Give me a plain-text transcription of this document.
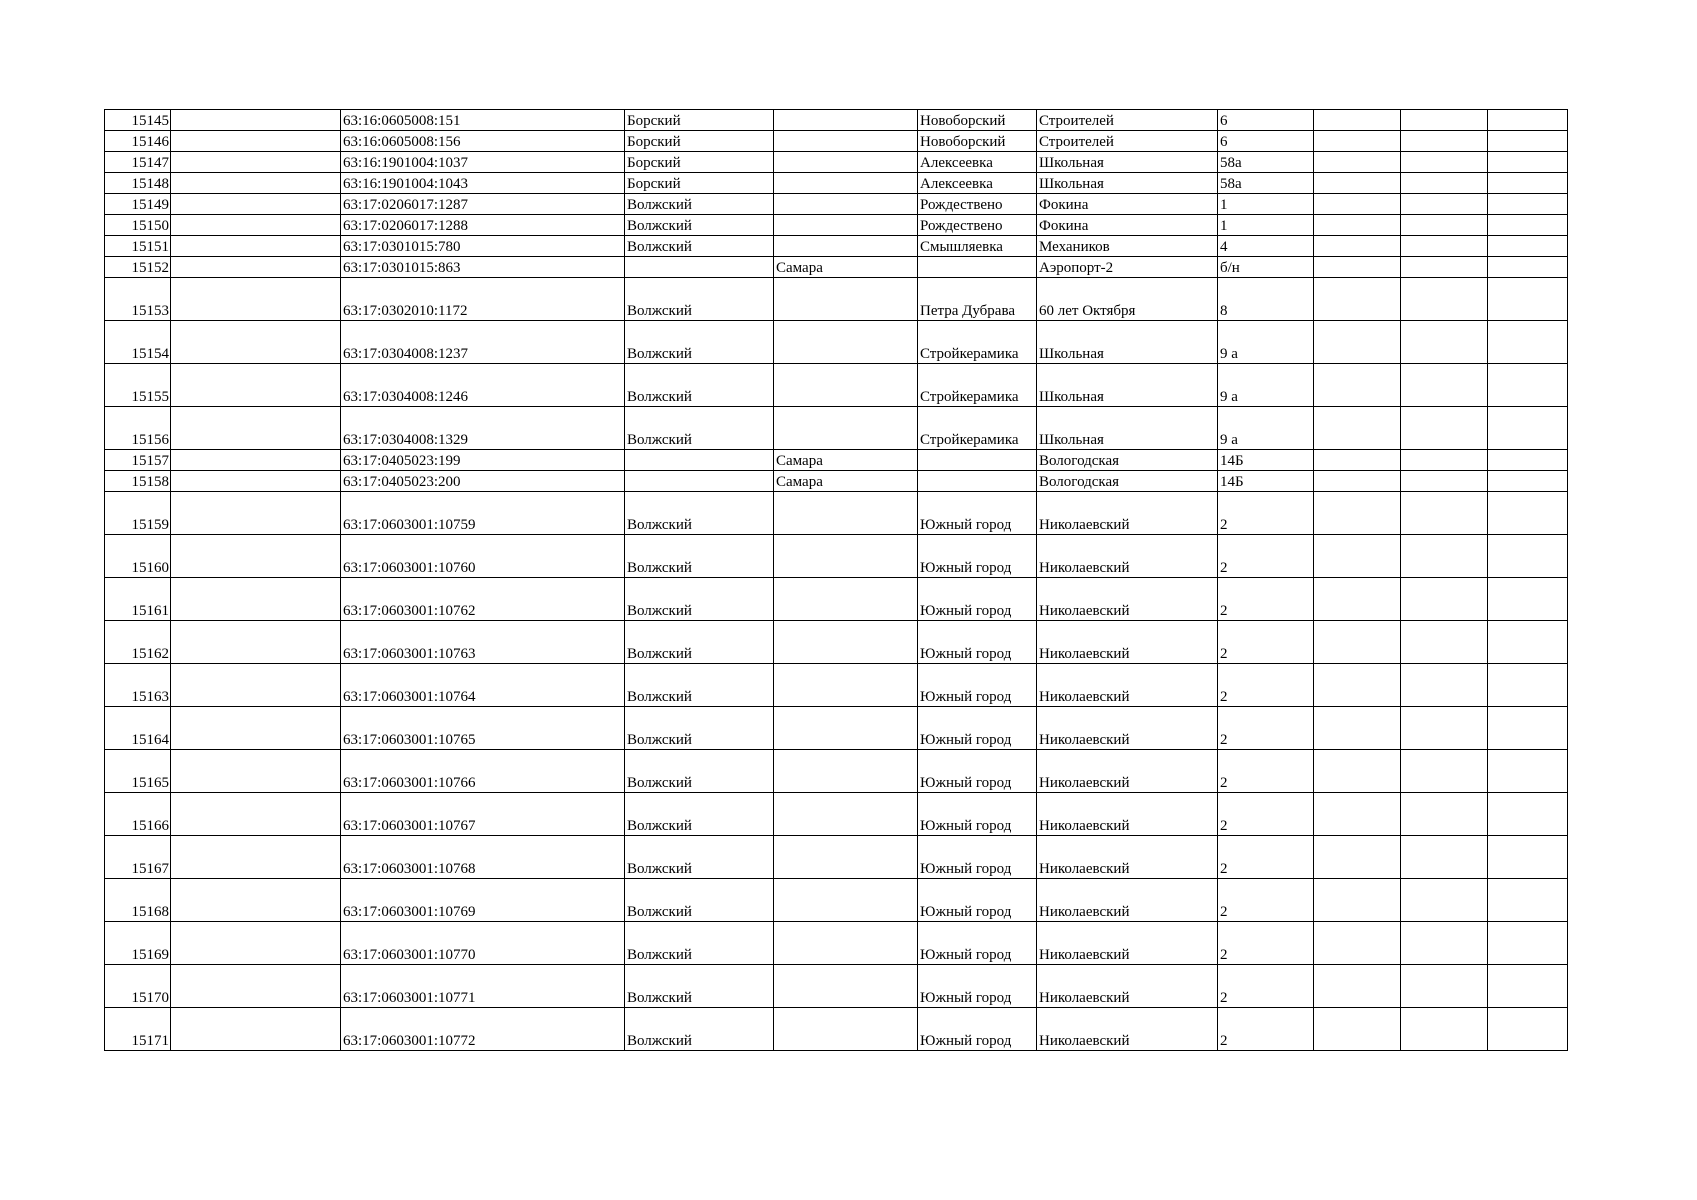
15145		63:16:0605008:151	Борский		Новоборский	Строителей	6			
15146		63:16:0605008:156	Борский		Новоборский	Строителей	6			
15147		63:16:1901004:1037	Борский		Алексеевка	Школьная	58а			
15148		63:16:1901004:1043	Борский		Алексеевка	Школьная	58а			
15149		63:17:0206017:1287	Волжский		Рождествено	Фокина	1			
15150		63:17:0206017:1288	Волжский		Рождествено	Фокина	1			
15151		63:17:0301015:780	Волжский		Смышляевка	Механиков	4			
15152		63:17:0301015:863		Самара		Аэропорт-2	б/н			
15153		63:17:0302010:1172	Волжский		Петра Дубрава	60 лет Октября	8			
15154		63:17:0304008:1237	Волжский		Стройкерамика	Школьная	9 а			
15155		63:17:0304008:1246	Волжский		Стройкерамика	Школьная	9 а			
15156		63:17:0304008:1329	Волжский		Стройкерамика	Школьная	9 а			
15157		63:17:0405023:199		Самара		Вологодская	14Б			
15158		63:17:0405023:200		Самара		Вологодская	14Б			
15159		63:17:0603001:10759	Волжский		Южный город	Николаевский	2			
15160		63:17:0603001:10760	Волжский		Южный город	Николаевский	2			
15161		63:17:0603001:10762	Волжский		Южный город	Николаевский	2			
15162		63:17:0603001:10763	Волжский		Южный город	Николаевский	2			
15163		63:17:0603001:10764	Волжский		Южный город	Николаевский	2			
15164		63:17:0603001:10765	Волжский		Южный город	Николаевский	2			
15165		63:17:0603001:10766	Волжский		Южный город	Николаевский	2			
15166		63:17:0603001:10767	Волжский		Южный город	Николаевский	2			
15167		63:17:0603001:10768	Волжский		Южный город	Николаевский	2			
15168		63:17:0603001:10769	Волжский		Южный город	Николаевский	2			
15169		63:17:0603001:10770	Волжский		Южный город	Николаевский	2			
15170		63:17:0603001:10771	Волжский		Южный город	Николаевский	2			
15171		63:17:0603001:10772	Волжский		Южный город	Николаевский	2			
